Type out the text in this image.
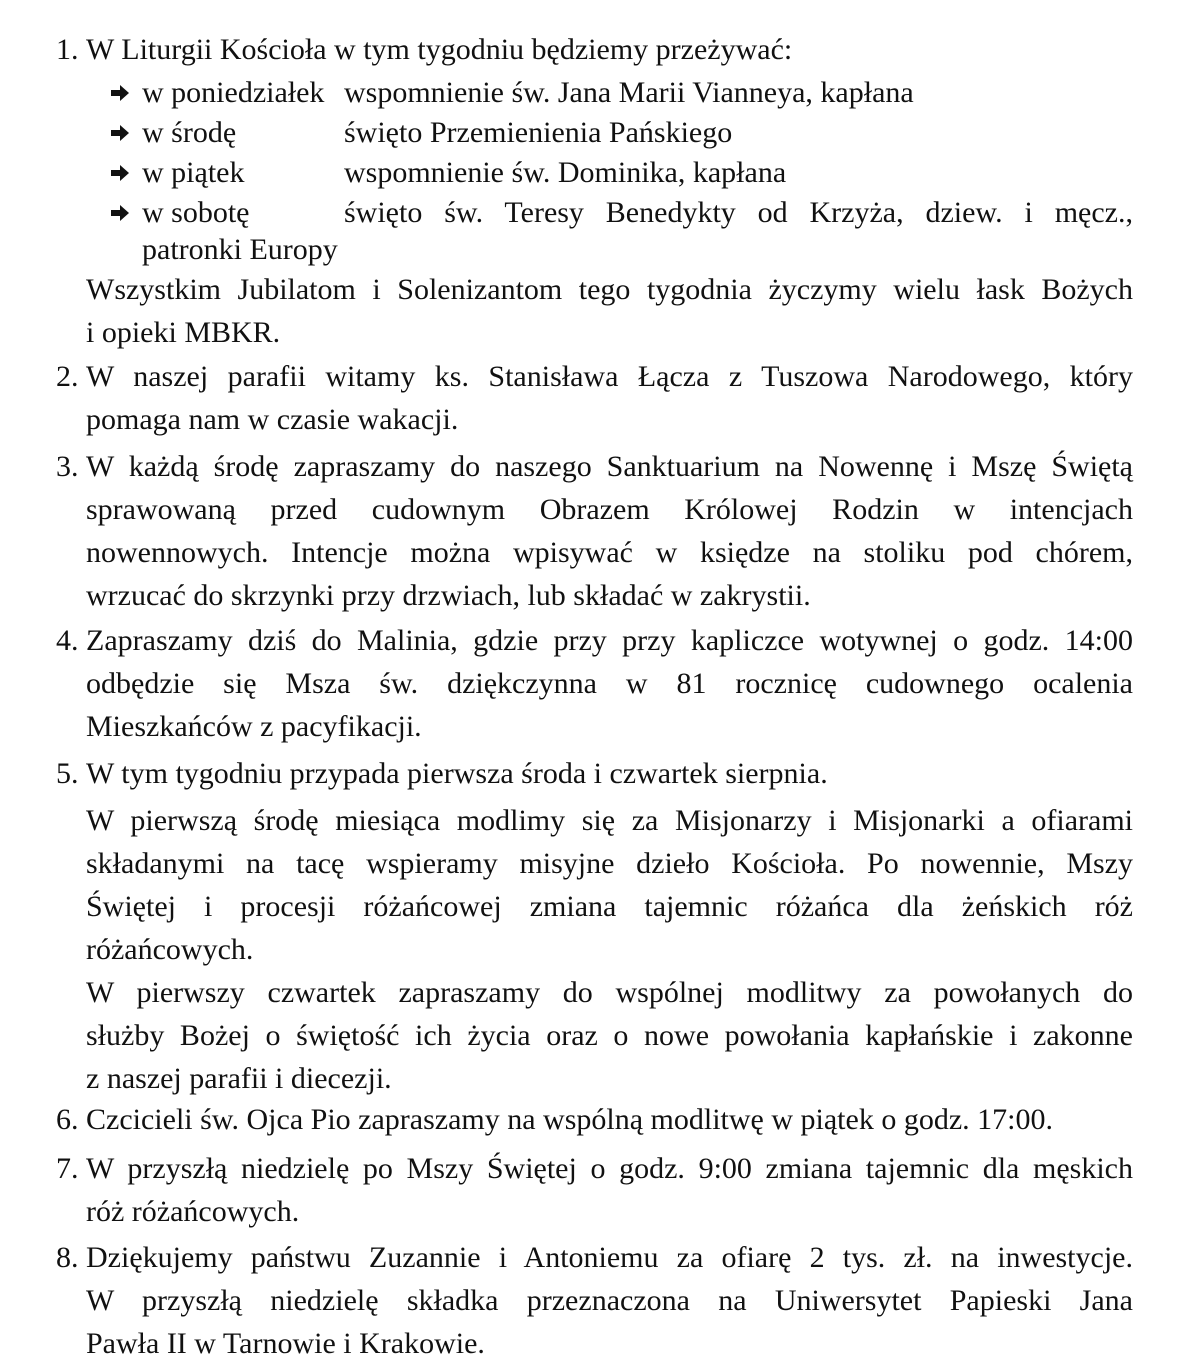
1. W Liturgii Kościoła w tym tygodniu będziemy przeżywać:
w poniedziałek wspomnienie św. Jana Marii Vianneya, kapłana
w środę	święto Przemienienia Pańskiego
w piątek	wspomnienie św. Dominika, kapłana
w sobotę	święto św. Teresy Benedykty od Krzyża, dziew. i męcz.,
patronki Europy
Wszystkim Jubilatom i Solenizantom tego tygodnia życzymy wielu łask Bożych
i opieki MBKR.
2. W naszej parafii witamy ks. Stanisława Łącza z Tuszowa Narodowego, który
pomaga nam w czasie wakacji.
3. W każdą środę zapraszamy do naszego Sanktuarium na Nowennę i Mszę Świętą
sprawowaną przed cudownym Obrazem Królowej Rodzin w intencjach
nowennowych. Intencje można wpisywać w księdze na stoliku pod chórem,
wrzucać do skrzynki przy drzwiach, lub składać w zakrystii.
4. Zapraszamy dziś do Malinia, gdzie przy przy kapliczce wotywnej o godz. 14:00
odbędzie się Msza św. dziękczynna w 81 rocznicę cudownego ocalenia
Mieszkańców z pacyfikacji.
5. W tym tygodniu przypada pierwsza środa i czwartek sierpnia.
W pierwszą środę miesiąca modlimy się za Misjonarzy i Misjonarki a ofiarami
składanymi na tacę wspieramy misyjne dzieło Kościoła. Po nowennie, Mszy
Świętej i procesji różańcowej zmiana tajemnic różańca dla żeńskich róż
różańcowych.
W pierwszy czwartek zapraszamy do wspólnej modlitwy za powołanych do
służby Bożej o świętość ich życia oraz o nowe powołania kapłańskie i zakonne
z naszej parafii i diecezji.
6. Czcicieli św. Ojca Pio zapraszamy na wspólną modlitwę w piątek o godz. 17:00.
7. W przyszłą niedzielę po Mszy Świętej o godz. 9:00 zmiana tajemnic dla męskich
róż różańcowych.
8. Dziękujemy państwu Zuzannie i Antoniemu za ofiarę 2 tys. zł. na inwestycje.
W przyszłą niedzielę składka przeznaczona na Uniwersytet Papieski Jana
Pawła II w Tarnowie i Krakowie.
